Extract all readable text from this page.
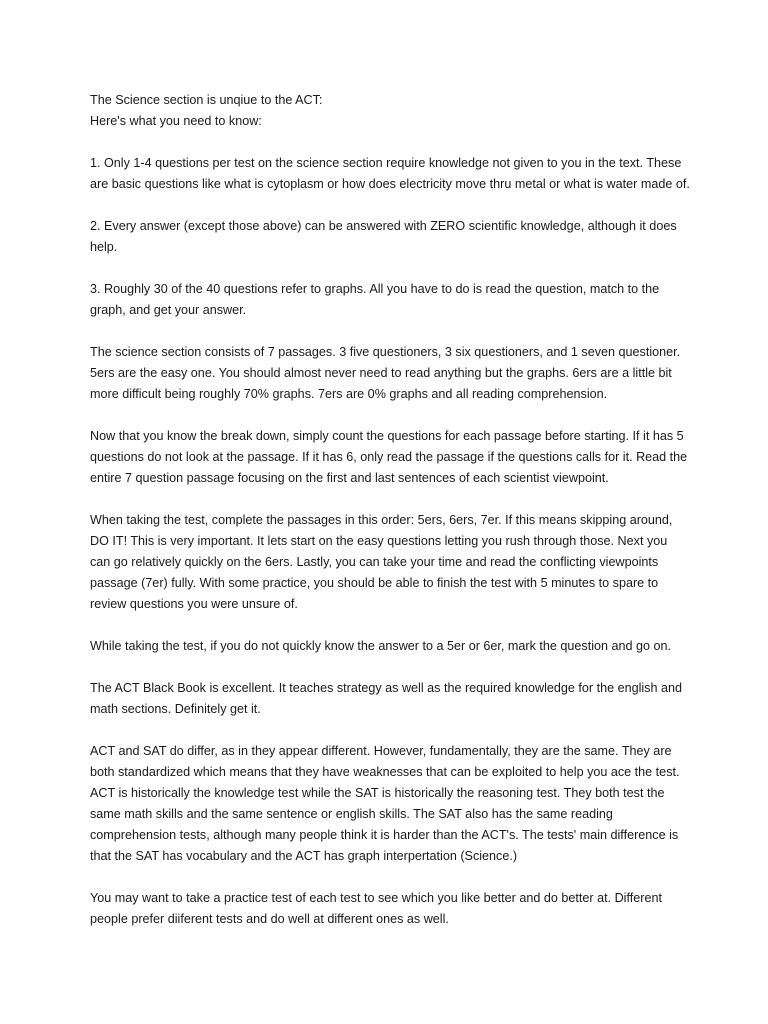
The Science section is unqiue to the ACT:
Here's what you need to know:

1. Only 1-4 questions per test on the science section require knowledge not given to you in the text. These are basic questions like what is cytoplasm or how does electricity move thru metal or what is water made of.

2. Every answer (except those above) can be answered with ZERO scientific knowledge, although it does help.

3. Roughly 30 of the 40 questions refer to graphs. All you have to do is read the question, match to the graph, and get your answer.

The science section consists of 7 passages. 3 five questioners, 3 six questioners, and 1 seven questioner. 5ers are the easy one. You should almost never need to read anything but the graphs. 6ers are a little bit more difficult being roughly 70% graphs. 7ers are 0% graphs and all reading comprehension.

Now that you know the break down, simply count the questions for each passage before starting. If it has 5 questions do not look at the passage. If it has 6, only read the passage if the questions calls for it. Read the entire 7 question passage focusing on the first and last sentences of each scientist viewpoint.

When taking the test, complete the passages in this order: 5ers, 6ers, 7er. If this means skipping around, DO IT! This is very important. It lets start on the easy questions letting you rush through those. Next you can go relatively quickly on the 6ers. Lastly, you can take your time and read the conflicting viewpoints passage (7er) fully. With some practice, you should be able to finish the test with 5 minutes to spare to review questions you were unsure of.

While taking the test, if you do not quickly know the answer to a 5er or 6er, mark the question and go on.

The ACT Black Book is excellent. It teaches strategy as well as the required knowledge for the english and math sections. Definitely get it.

ACT and SAT do differ, as in they appear different. However, fundamentally, they are the same. They are both standardized which means that they have weaknesses that can be exploited to help you ace the test. ACT is historically the knowledge test while the SAT is historically the reasoning test. They both test the same math skills and the same sentence or english skills. The SAT also has the same reading comprehension tests, although many people think it is harder than the ACT's. The tests' main difference is that the SAT has vocabulary and the ACT has graph interpertation (Science.)

You may want to take a practice test of each test to see which you like better and do better at. Different people prefer diiferent tests and do well at different ones as well.
